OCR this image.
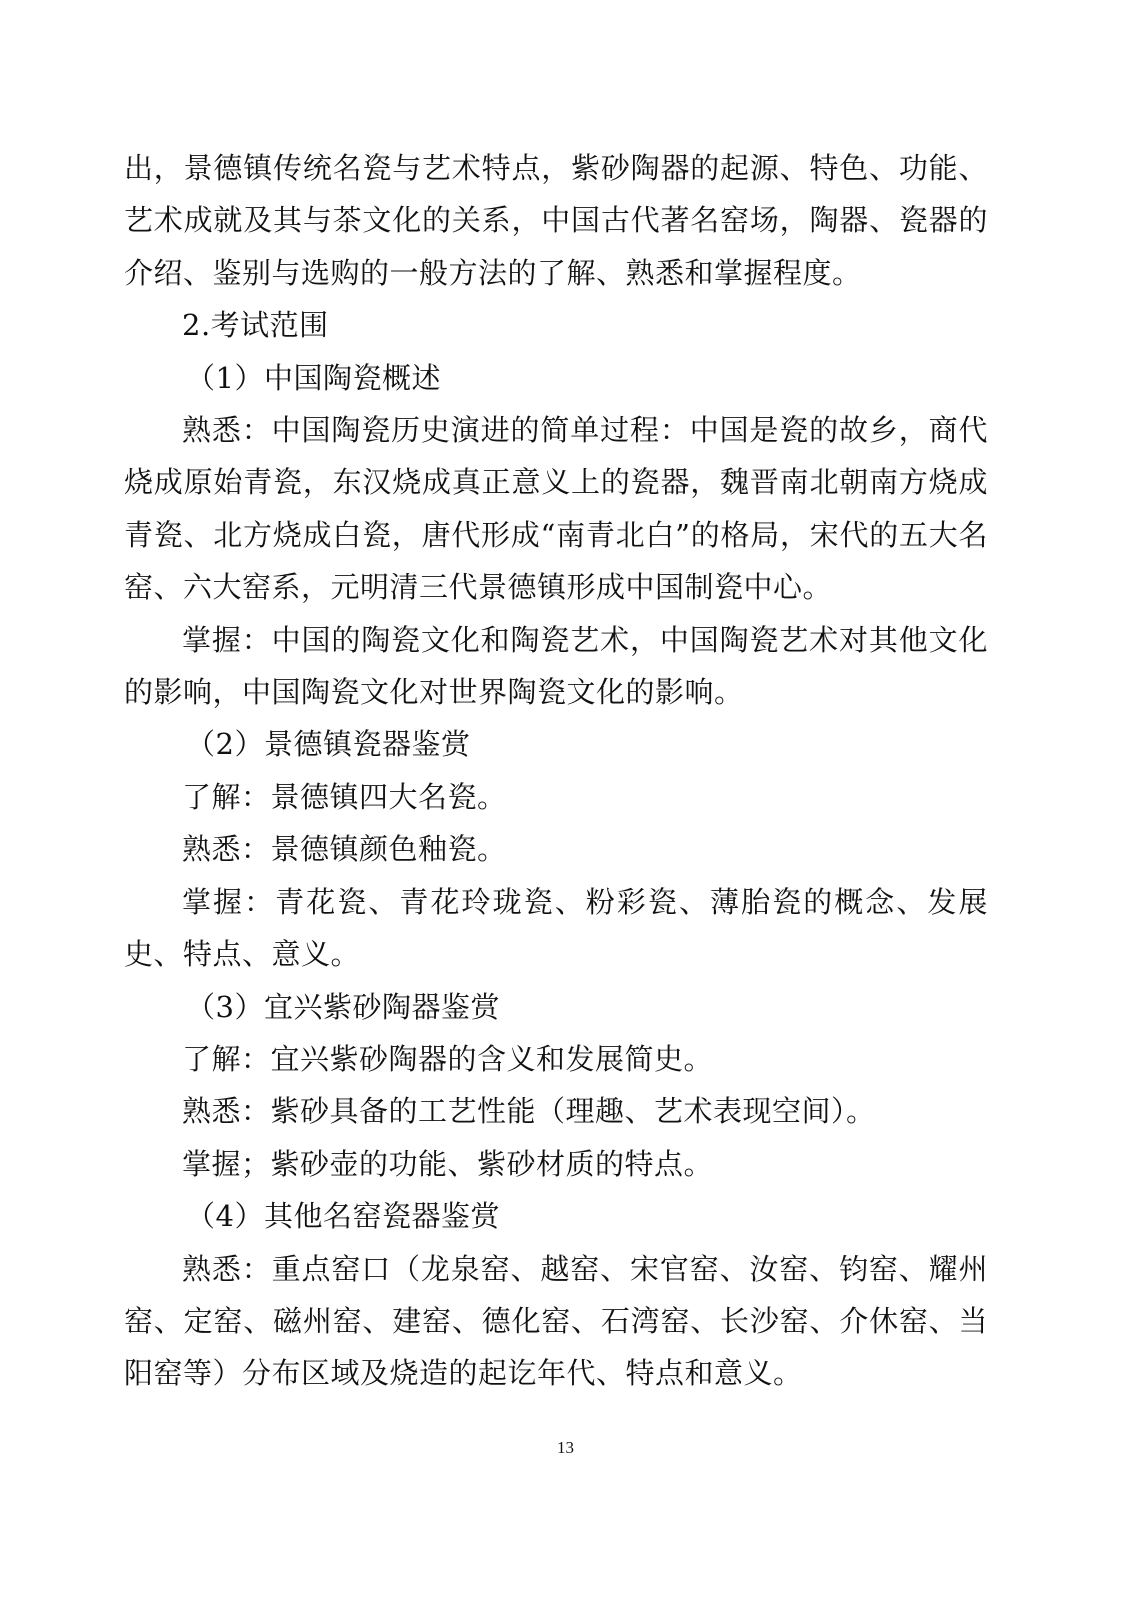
出，景德镇传统名瓷与艺术特点，紫砂陶器的起源、特色、功能、艺术成就及其与茶文化的关系，中国古代著名窑场，陶器、瓷器的介绍、鉴别与选购的一般方法的了解、熟悉和掌握程度。

2.考试范围

（1）中国陶瓷概述

熟悉：中国陶瓷历史演进的简单过程：中国是瓷的故乡，商代烧成原始青瓷，东汉烧成真正意义上的瓷器，魏晋南北朝南方烧成青瓷、北方烧成白瓷，唐代形成“南青北白”的格局，宋代的五大名窑、六大窑系，元明清三代景德镇形成中国制瓷中心。

掌握：中国的陶瓷文化和陶瓷艺术，中国陶瓷艺术对其他文化的影响，中国陶瓷文化对世界陶瓷文化的影响。

（2）景德镇瓷器鉴赏

了解：景德镇四大名瓷。

熟悉：景德镇颜色釉瓷。

掌握：青花瓷、青花玲珑瓷、粉彩瓷、薄胎瓷的概念、发展史、特点、意义。

（3）宜兴紫砂陶器鉴赏

了解：宜兴紫砂陶器的含义和发展简史。

熟悉：紫砂具备的工艺性能（理趣、艺术表现空间）。

掌握；紫砂壶的功能、紫砂材质的特点。

（4）其他名窑瓷器鉴赏

熟悉：重点窑口（龙泉窑、越窑、宋官窑、汝窑、钧窑、耀州窑、定窑、磁州窑、建窑、德化窑、石湾窑、长沙窑、介休窑、当阳窑等）分布区域及烧造的起讫年代、特点和意义。

13
